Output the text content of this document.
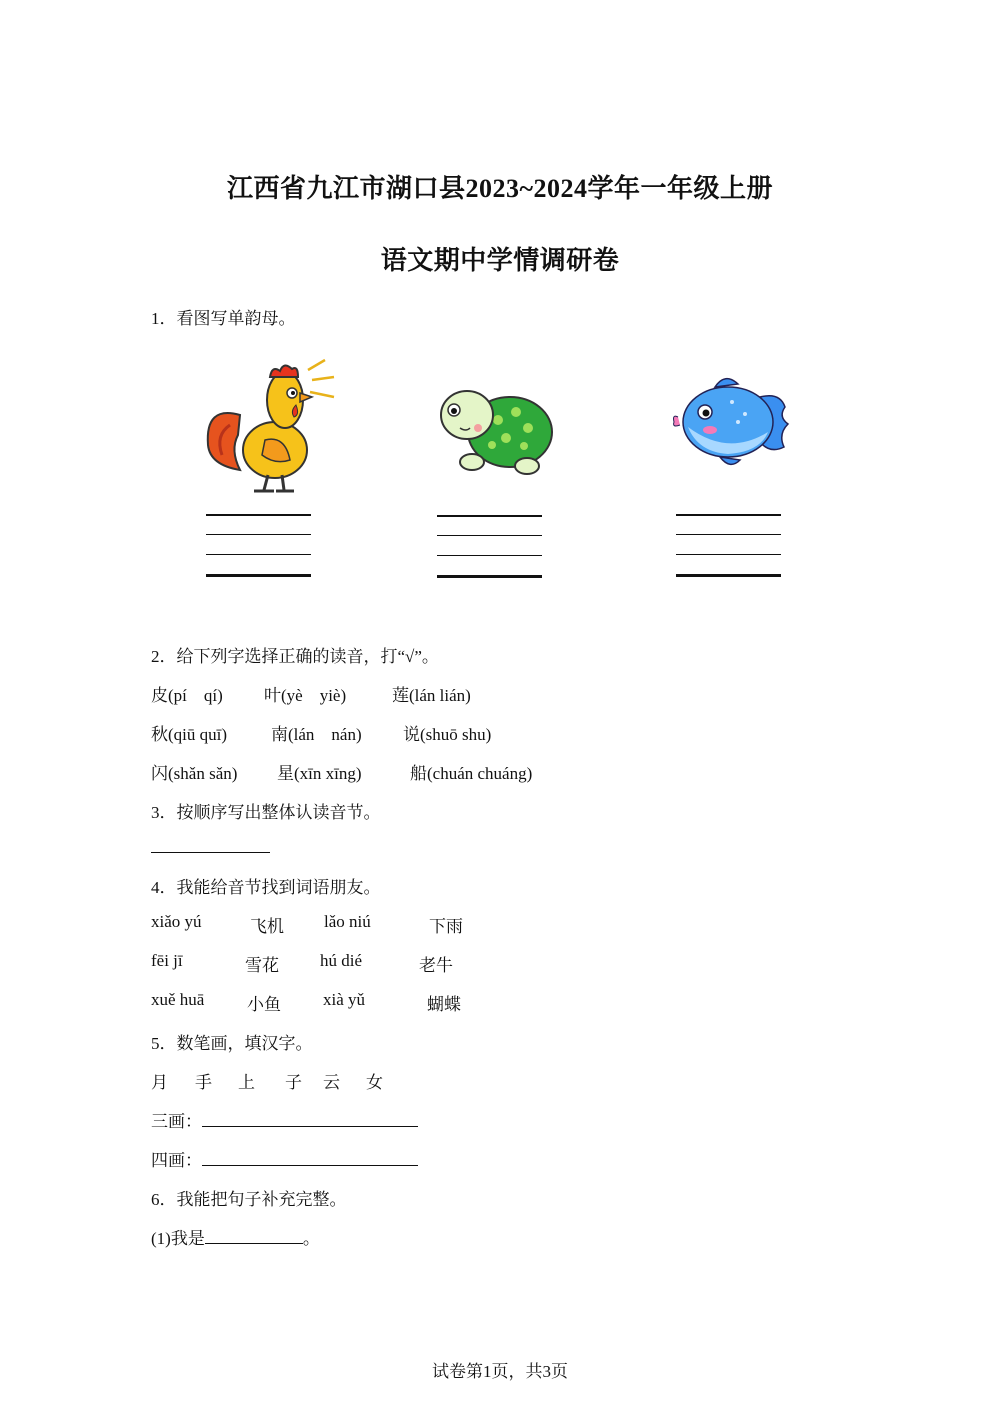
江西省九江市湖口县2023~2024学年一年级上册
语文期中学情调研卷
1．看图写单韵母。
2．给下列字选择正确的读音，打“√”。
皮(pí　qí) 叶(yè　yiè)	莲(lán lián)
秋(qiū quī)	南(lán　nán) 说(shuō shu)
闪(shǎn sǎn) 星(xīn xīng)	船(chuán chuáng)
3．按顺序写出整体认读音节。
4．我能给音节找到词语朋友。
xiǎo yú	飞机 lǎo niú	下雨
fēi jī	雪花 hú dié	老牛
xuě huā	小鱼 xià yǔ	蝴蝶
5．数笔画，填汉字。
月 手 上 子 云 女
三画：
四画：
6．我能把句子补充完整。
(1)我是	。
试卷第1页，共3页
